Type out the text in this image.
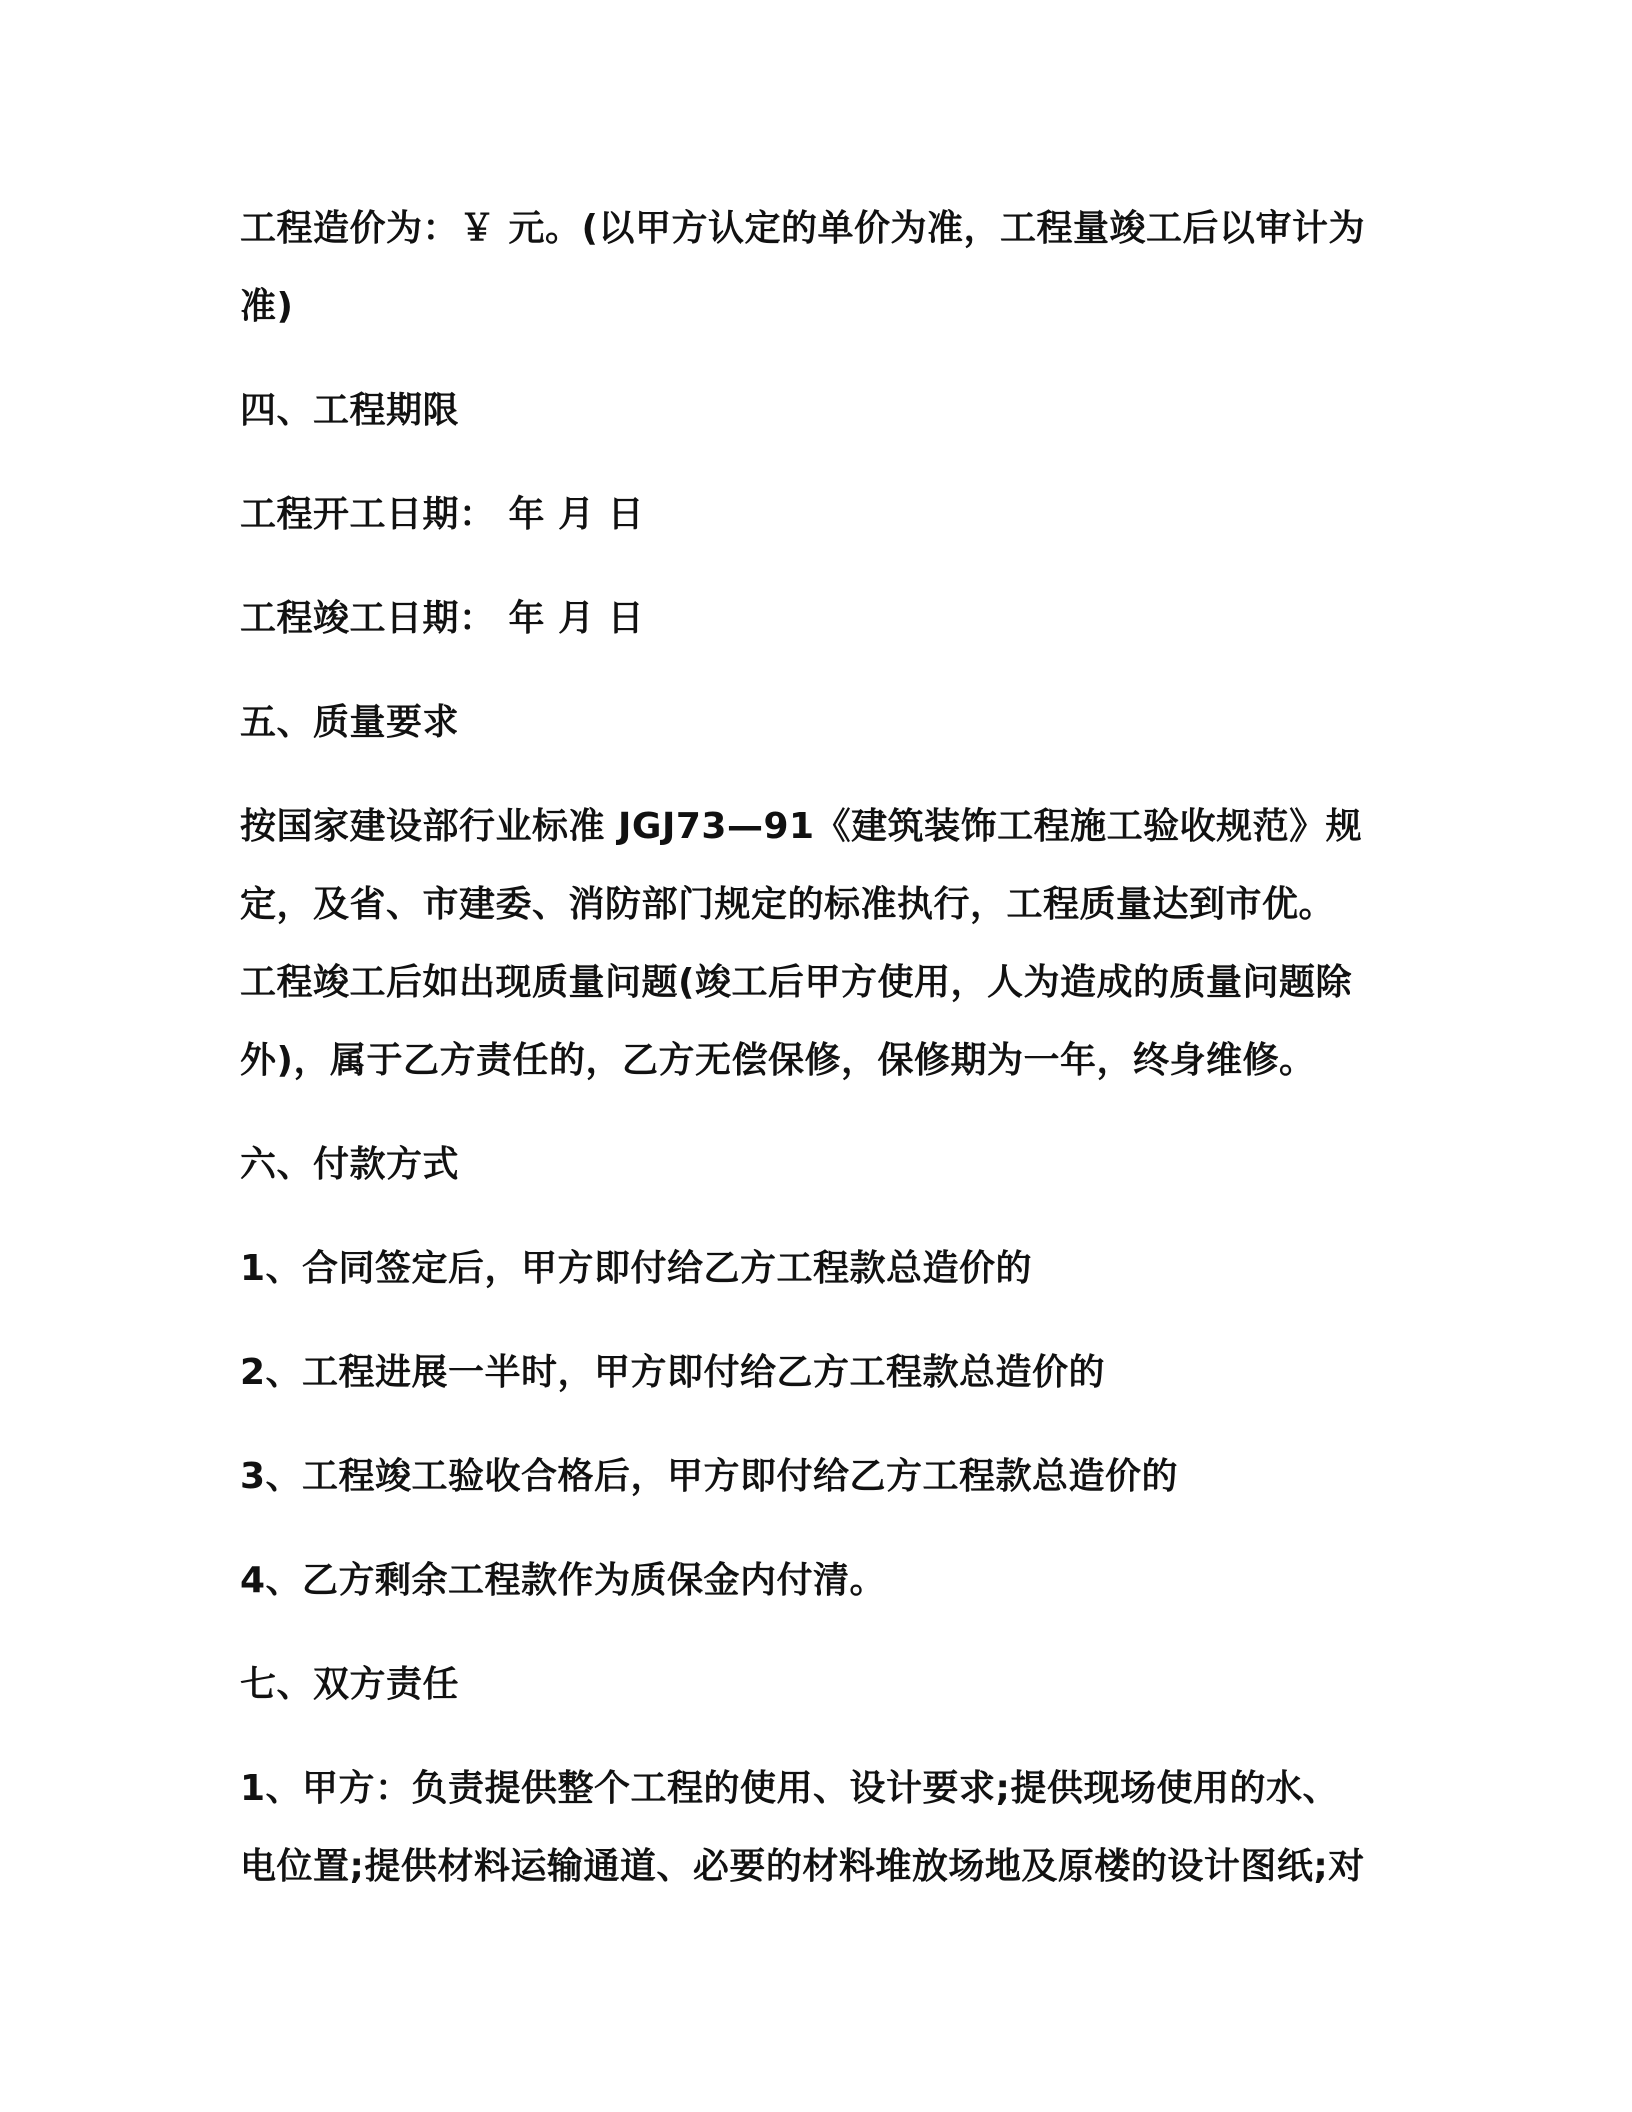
工程造价为：￥ 元。(以甲方认定的单价为准，工程量竣工后以审计为
准)
四、工程期限
工程开工日期： 年 月 日
工程竣工日期： 年 月 日
五、质量要求
按国家建设部行业标准 JGJ73—91《建筑装饰工程施工验收规范》规
定，及省、市建委、消防部门规定的标准执行，工程质量达到市优。
工程竣工后如出现质量问题(竣工后甲方使用，人为造成的质量问题除
外)，属于乙方责任的，乙方无偿保修，保修期为一年，终身维修。
六、付款方式
1、合同签定后，甲方即付给乙方工程款总造价的
2、工程进展一半时，甲方即付给乙方工程款总造价的
3、工程竣工验收合格后，甲方即付给乙方工程款总造价的
4、乙方剩余工程款作为质保金内付清。
七、双方责任
1、甲方：负责提供整个工程的使用、设计要求;提供现场使用的水、
电位置;提供材料运输通道、必要的材料堆放场地及原楼的设计图纸;对
